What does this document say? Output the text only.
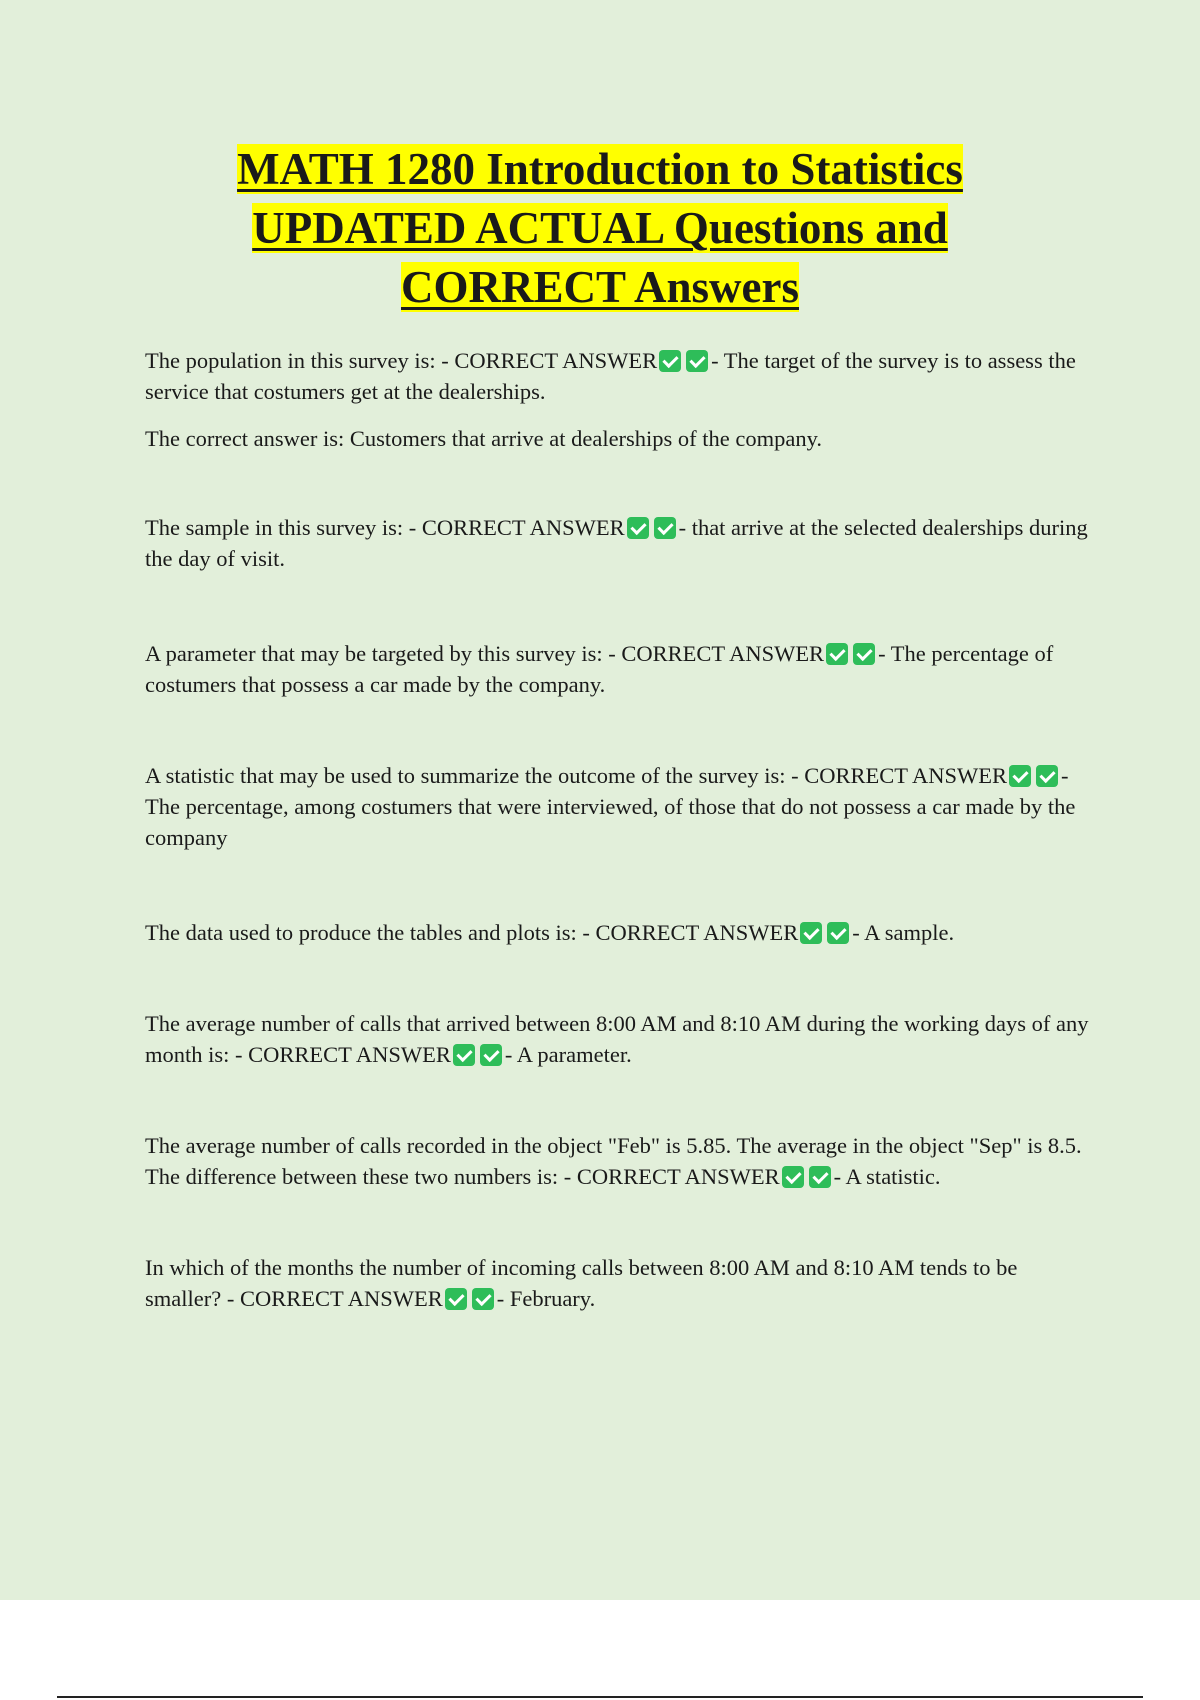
MATH 1280 Introduction to Statistics
UPDATED ACTUAL Questions and
CORRECT Answers

The population in this survey is: - CORRECT ANSWER - The target of the survey is to assess the service that costumers get at the dealerships.

The correct answer is: Customers that arrive at dealerships of the company.

The sample in this survey is: - CORRECT ANSWER - that arrive at the selected dealerships during the day of visit.

A parameter that may be targeted by this survey is: - CORRECT ANSWER - The percentage of costumers that possess a car made by the company.

A statistic that may be used to summarize the outcome of the survey is: - CORRECT ANSWER - The percentage, among costumers that were interviewed, of those that do not possess a car made by the company

The data used to produce the tables and plots is: - CORRECT ANSWER - A sample.

The average number of calls that arrived between 8:00 AM and 8:10 AM during the working days of any month is: - CORRECT ANSWER - A parameter.

The average number of calls recorded in the object "Feb" is 5.85. The average in the object "Sep" is 8.5. The difference between these two numbers is: - CORRECT ANSWER - A statistic.

In which of the months the number of incoming calls between 8:00 AM and 8:10 AM tends to be smaller? - CORRECT ANSWER - February.
